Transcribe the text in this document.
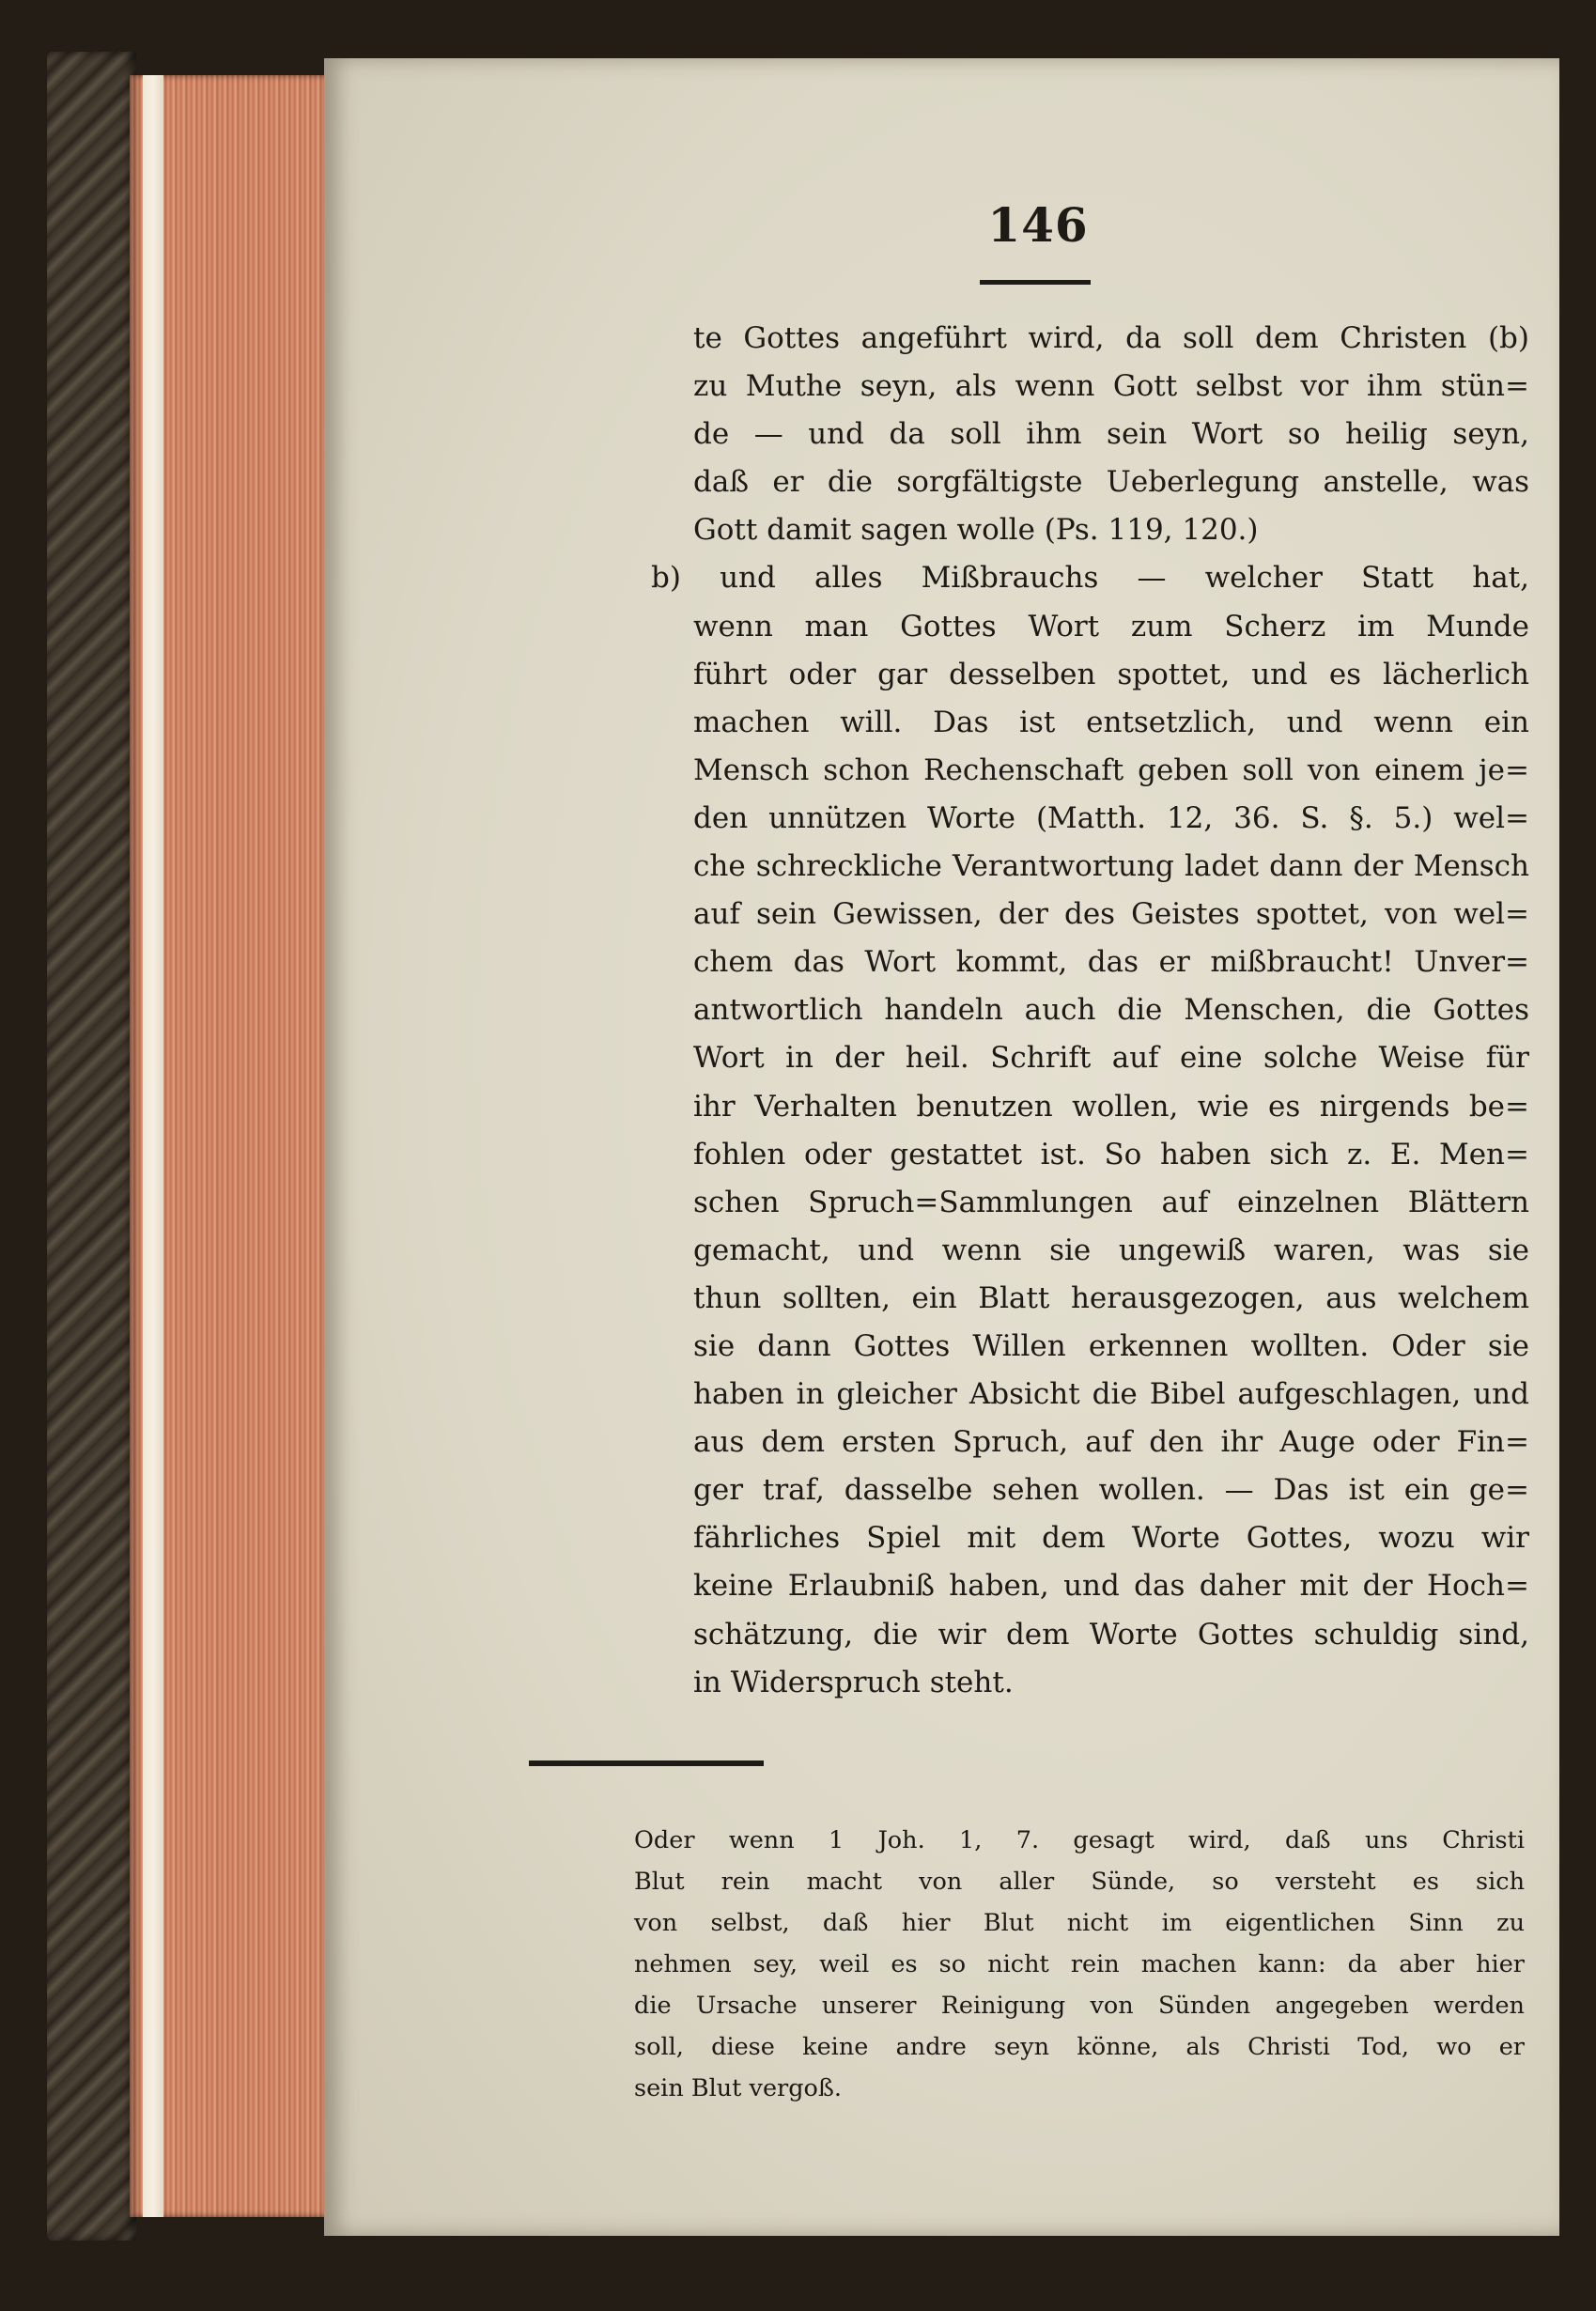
146
te Gottes angeführt wird, da soll dem Christen (b)
zu Muthe seyn, als wenn Gott selbst vor ihm stün=
de — und da soll ihm sein Wort so heilig seyn,
daß er die sorgfältigste Ueberlegung anstelle, was
Gott damit sagen wolle (Ps. 119, 120.)
b) und alles Mißbrauchs — welcher Statt hat,
wenn man Gottes Wort zum Scherz im Munde
führt oder gar desselben spottet, und es lächerlich
machen will. Das ist entsetzlich, und wenn ein
Mensch schon Rechenschaft geben soll von einem je=
den unnützen Worte (Matth. 12, 36. S. §. 5.) wel=
che schreckliche Verantwortung ladet dann der Mensch
auf sein Gewissen, der des Geistes spottet, von wel=
chem das Wort kommt, das er mißbraucht! Unver=
antwortlich handeln auch die Menschen, die Gottes
Wort in der heil. Schrift auf eine solche Weise für
ihr Verhalten benutzen wollen, wie es nirgends be=
fohlen oder gestattet ist. So haben sich z. E. Men=
schen Spruch=Sammlungen auf einzelnen Blättern
gemacht, und wenn sie ungewiß waren, was sie
thun sollten, ein Blatt herausgezogen, aus welchem
sie dann Gottes Willen erkennen wollten. Oder sie
haben in gleicher Absicht die Bibel aufgeschlagen, und
aus dem ersten Spruch, auf den ihr Auge oder Fin=
ger traf, dasselbe sehen wollen. — Das ist ein ge=
fährliches Spiel mit dem Worte Gottes, wozu wir
keine Erlaubniß haben, und das daher mit der Hoch=
schätzung, die wir dem Worte Gottes schuldig sind,
in Widerspruch steht.
Oder wenn 1 Joh. 1, 7. gesagt wird, daß uns Christi
Blut rein macht von aller Sünde, so versteht es sich
von selbst, daß hier Blut nicht im eigentlichen Sinn zu
nehmen sey, weil es so nicht rein machen kann: da aber hier
die Ursache unserer Reinigung von Sünden angegeben werden
soll, diese keine andre seyn könne, als Christi Tod, wo er
sein Blut vergoß.
